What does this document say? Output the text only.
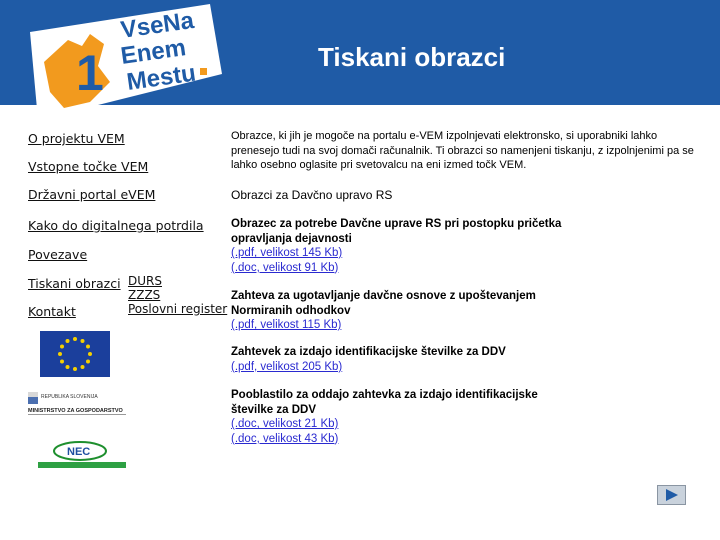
1
VseNa
Enem
Mestu
Tiskani obrazci
O projektu VEM
Vstopne točke VEM
Državni portal eVEM
Kako do digitalnega potrdila
Povezave
Tiskani obrazci
Kontakt
DURS
ZZZS
Poslovni register
Obrazce, ki jih je mogoče na portalu e-VEM izpolnjevati elektronsko, si uporabniki lahko prenesejo tudi na svoj domači računalnik. Ti obrazci so namenjeni tiskanju, z izpolnjenimi pa se lahko osebno oglasite pri svetovalcu na eni izmed točk VEM.
Obrazci za Davčno upravo RS
Obrazec za potrebe Davčne uprave RS pri postopku pričetka opravljanja dejavnosti
(.pdf, velikost 145 Kb)
(.doc, velikost 91 Kb)
Zahteva za ugotavljanje davčne osnove z upoštevanjem Normiranih odhodkov
(.pdf, velikost 115 Kb)
Zahtevek za izdajo identifikacijske številke za DDV
(.pdf, velikost 205 Kb)
Pooblastilo za oddajo zahtevka za izdajo identifikacijske številke za DDV
(.doc, velikost 21 Kb)
(.doc, velikost 43 Kb)
REPUBLIKA SLOVENIJA
MINISTRSTVO ZA GOSPODARSTVO
NEC
